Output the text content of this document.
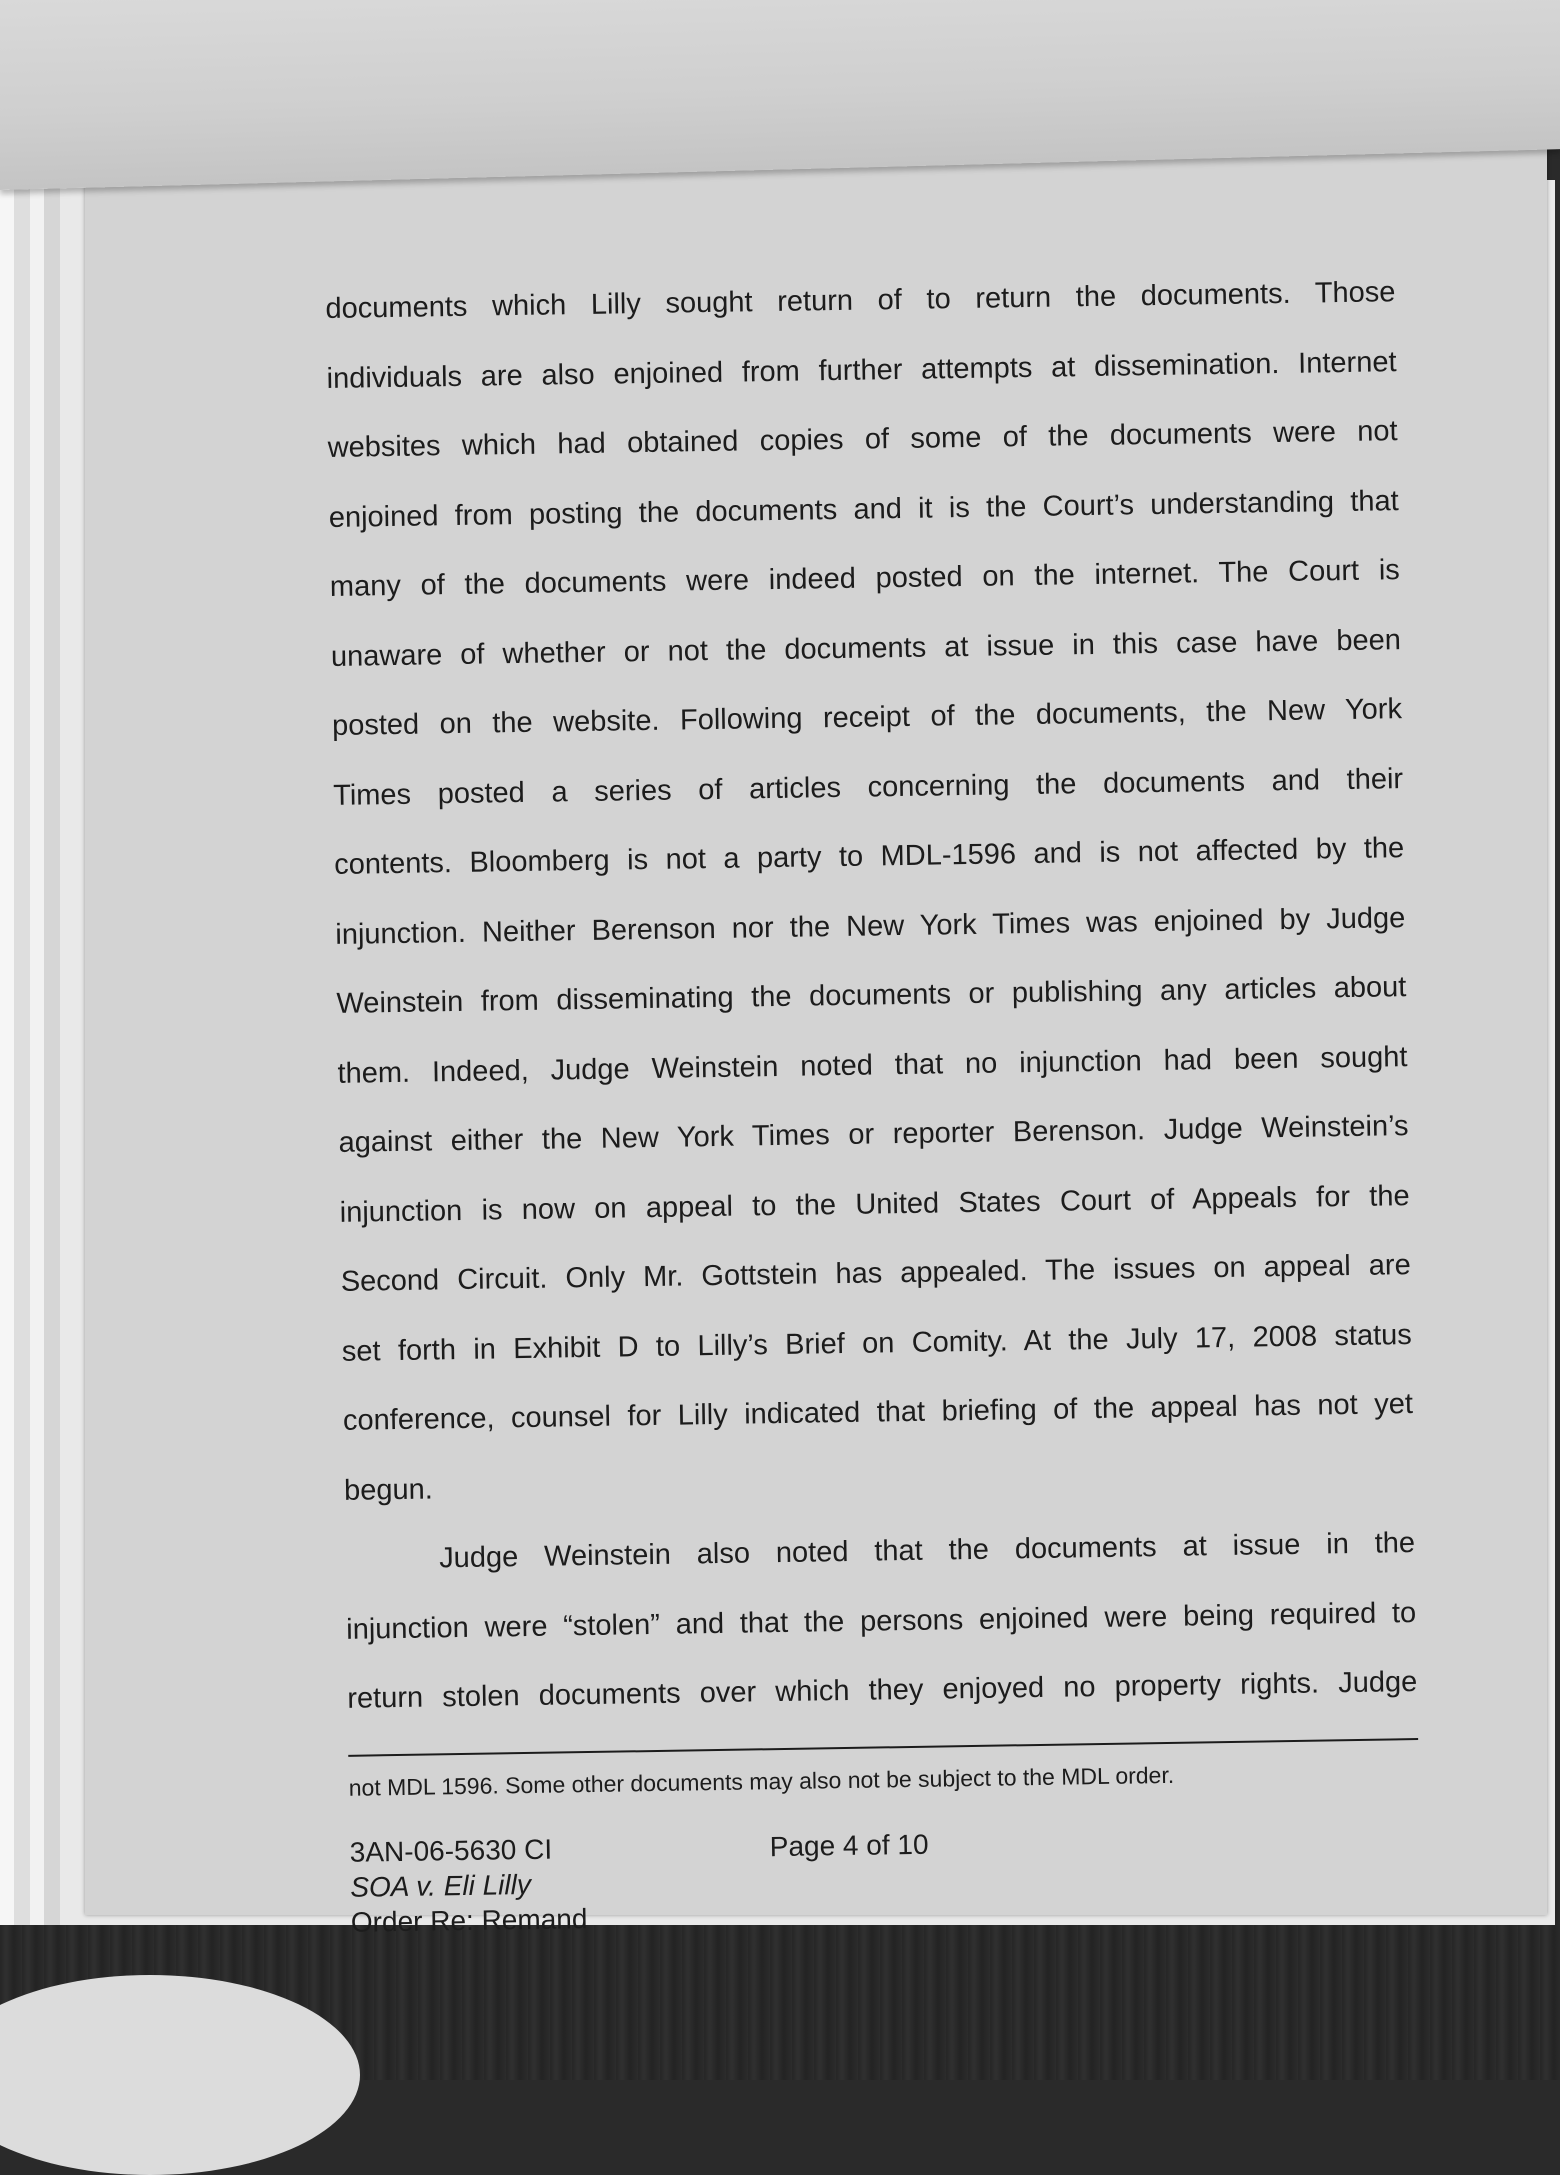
documents which Lilly sought return of to return the documents. Those
individuals are also enjoined from further attempts at dissemination. Internet
websites which had obtained copies of some of the documents were not
enjoined from posting the documents and it is the Court’s understanding that
many of the documents were indeed posted on the internet. The Court is
unaware of whether or not the documents at issue in this case have been
posted on the website. Following receipt of the documents, the New York
Times posted a series of articles concerning the documents and their
contents. Bloomberg is not a party to MDL-1596 and is not affected by the
injunction. Neither Berenson nor the New York Times was enjoined by Judge
Weinstein from disseminating the documents or publishing any articles about
them. Indeed, Judge Weinstein noted that no injunction had been sought
against either the New York Times or reporter Berenson. Judge Weinstein’s
injunction is now on appeal to the United States Court of Appeals for the
Second Circuit. Only Mr. Gottstein has appealed. The issues on appeal are
set forth in Exhibit D to Lilly’s Brief on Comity. At the July 17, 2008 status
conference, counsel for Lilly indicated that briefing of the appeal has not yet
begun.
Judge Weinstein also noted that the documents at issue in the
injunction were “stolen” and that the persons enjoined were being required to
return stolen documents over which they enjoyed no property rights. Judge
not MDL 1596. Some other documents may also not be subject to the MDL order.
3AN-06-5630 CI
SOA v. Eli Lilly
Order Re: Remand
Page 4 of 10
